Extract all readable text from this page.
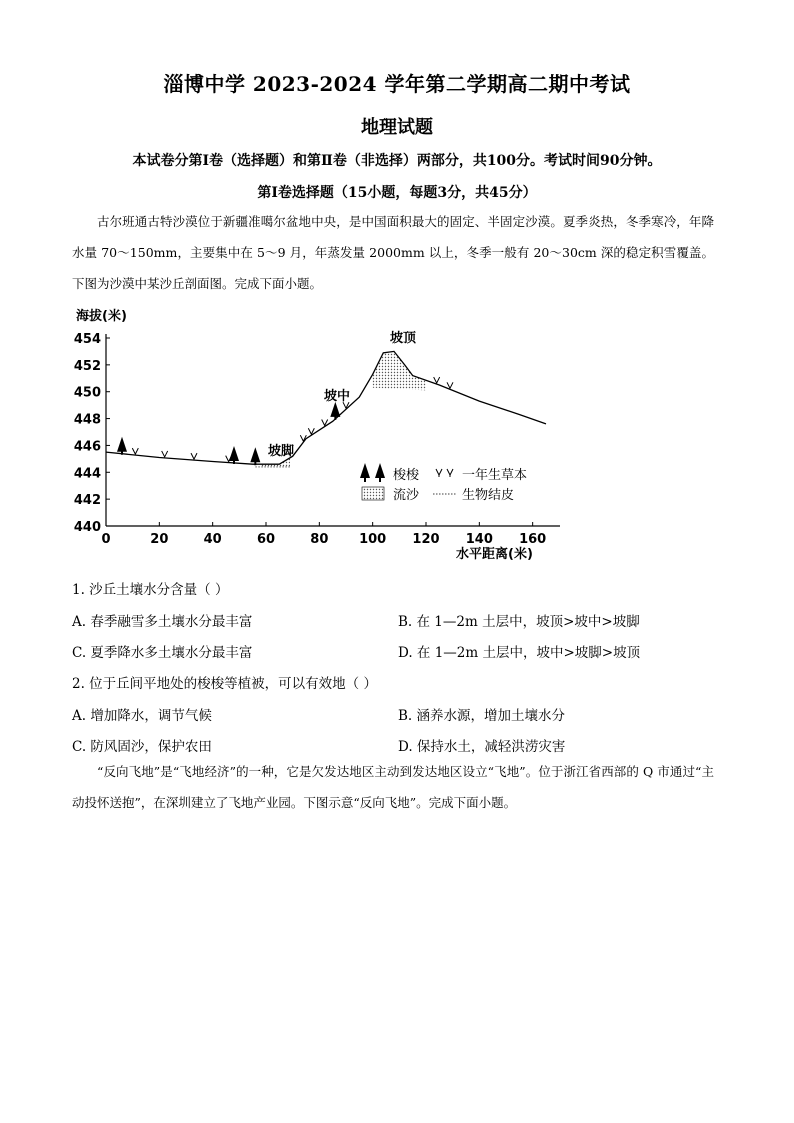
淄博中学 2023-2024 学年第二学期高二期中考试
地理试题
本试卷分第Ⅰ卷（选择题）和第Ⅱ卷（非选择）两部分，共100分。考试时间90分钟。
第Ⅰ卷选择题（15小题，每题3分，共45分）
古尔班通古特沙漠位于新疆准噶尔盆地中央，是中国面积最大的固定、半固定沙漠。夏季炎热，冬季寒冷，年降水量 70～150mm，主要集中在 5～9 月，年蒸发量 2000mm 以上，冬季一般有 20～30cm 深的稳定积雪覆盖。下图为沙漠中某沙丘剖面图。完成下面小题。
海拔(米)
水平距离(米)
0	20	40	60	80 100 120 140 160
440
442
444
446
448
450
452
454	坡顶
坡中
坡脚
梭梭	一年生草本
流沙	生物结皮
1. 沙丘土壤水分含量（ ）
A. 春季融雪多土壤水分最丰富	B. 在 1—2m 土层中，坡顶>坡中>坡脚
C. 夏季降水多土壤水分最丰富	D. 在 1—2m 土层中，坡中>坡脚>坡顶
2. 位于丘间平地处的梭梭等植被，可以有效地（ ）
A. 增加降水，调节气候	B. 涵养水源，增加土壤水分
C. 防风固沙，保护农田	D. 保持水土，减轻洪涝灾害
“反向飞地”是“飞地经济”的一种，它是欠发达地区主动到发达地区设立“飞地”。位于浙江省西部的 Q 市通过“主动投怀送抱”，在深圳建立了飞地产业园。下图示意“反向飞地”。完成下面小题。
